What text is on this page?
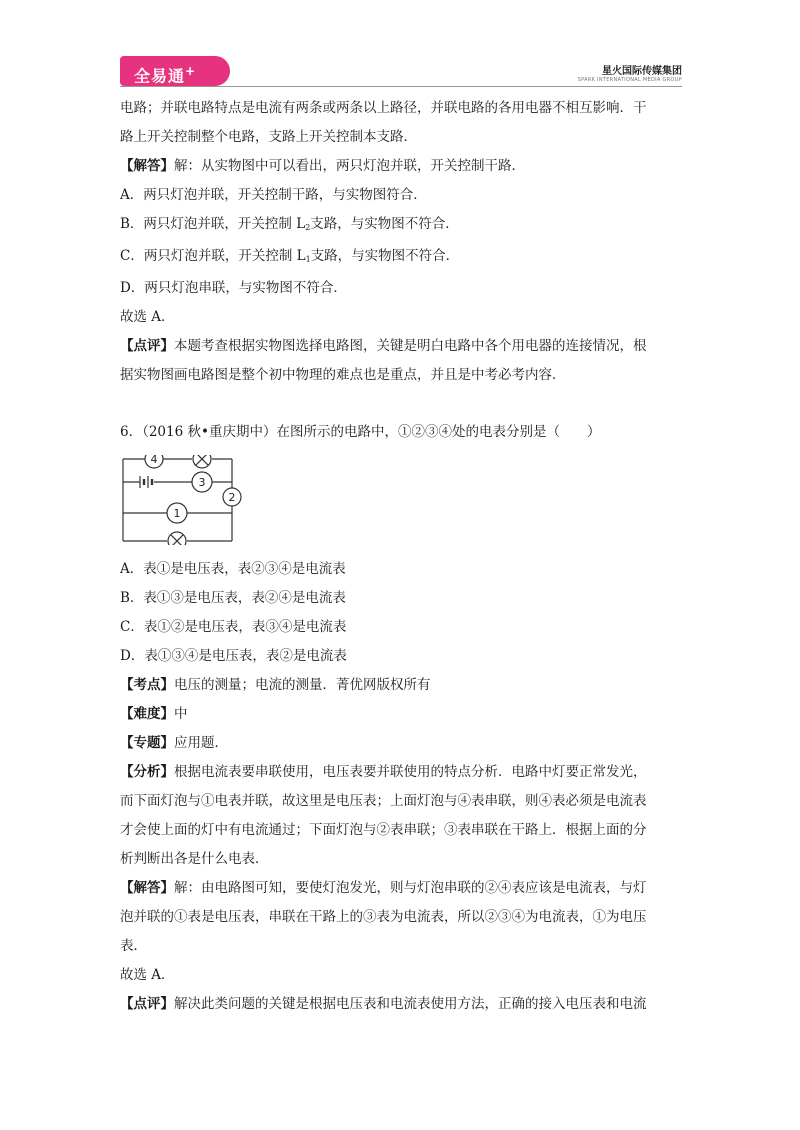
全易通+	星火国际传媒集团
SPARK INTERNATIONAL MEDIA GROUP

电路；并联电路特点是电流有两条或两条以上路径，并联电路的各用电器不相互影响．干

路上开关控制整个电路，支路上开关控制本支路．

【解答】解：从实物图中可以看出，两只灯泡并联，开关控制干路．

A．两只灯泡并联，开关控制干路，与实物图符合．

B．两只灯泡并联，开关控制 $L_2$支路，与实物图不符合．

C．两只灯泡并联，开关控制 $L_1$支路，与实物图不符合．

D．两只灯泡串联，与实物图不符合．

故选 A．

【点评】本题考查根据实物图选择电路图，关键是明白电路中各个用电器的连接情况，根

据实物图画电路图是整个初中物理的难点也是重点，并且是中考必考内容．

6．（2016 秋•重庆期中）在图所示的电路中，①②③④处的电表分别是（　　）

4
3
2
1

A．表①是电压表，表②③④是电流表

B．表①③是电压表，表②④是电流表

C．表①②是电压表，表③④是电流表

D．表①③④是电压表，表②是电流表

【考点】电压的测量；电流的测量．菁优网版权所有

【难度】中

【专题】应用题．

【分析】根据电流表要串联使用，电压表要并联使用的特点分析．电路中灯要正常发光，

而下面灯泡与①电表并联，故这里是电压表；上面灯泡与④表串联，则④表必须是电流表

才会使上面的灯中有电流通过；下面灯泡与②表串联；③表串联在干路上．根据上面的分

析判断出各是什么电表．

【解答】解：由电路图可知，要使灯泡发光，则与灯泡串联的②④表应该是电流表，与灯

泡并联的①表是电压表，串联在干路上的③表为电流表，所以②③④为电流表，①为电压

表．

故选 A．

【点评】解决此类问题的关键是根据电压表和电流表使用方法，正确的接入电压表和电流
